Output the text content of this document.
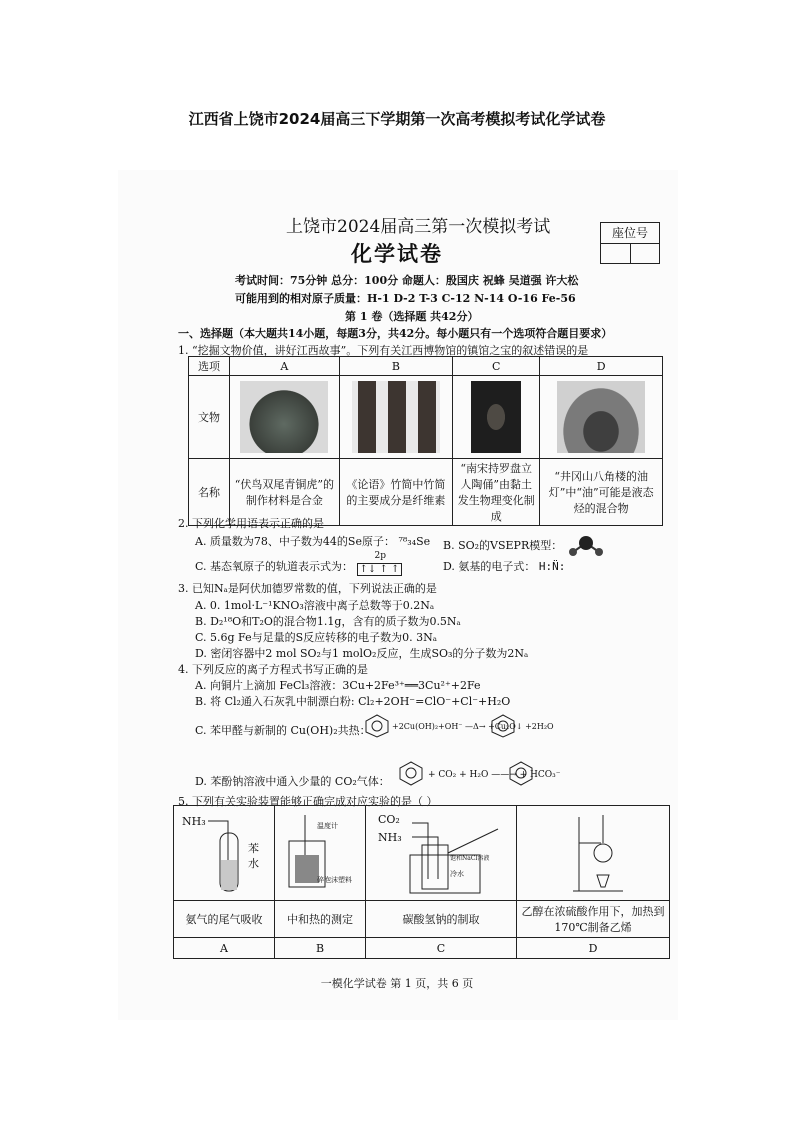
江西省上饶市2024届高三下学期第一次高考模拟考试化学试卷
上饶市2024届高三第一次模拟考试
化学试卷
座位号
考试时间：75分钟 总分：100分 命题人：殷国庆 祝蜂 吴道强 许大松
可能用到的相对原子质量：H-1 D-2 T-3 C-12 N-14 O-16 Fe-56
第 1 卷（选择题 共42分）
一、选择题（本大题共14小题，每题3分，共42分。每小题只有一个选项符合题目要求）
1. “挖掘文物价值，讲好江西故事”。下列有关江西博物馆的镇馆之宝的叙述错误的是
选项	A	B	C	D
文物	

名称	“伏鸟双尾青铜虎”的制作材料是合金	《论语》竹简中竹简的主要成分是纤维素	“南宋持罗盘立人陶俑”由黏土发生物理变化制成	“井冈山八角楼的油灯”中“油”可能是液态烃的混合物
2. 下列化学用语表示正确的是
A. 质量数为78、中子数为44的Se原子： ⁷⁸₃₄Se B. SO₂的VSEPR模型：
C. 基态氧原子的轨道表示式为：
2p
↑↓ ↑ ↑	D. 氨基的电子式： H:N̈:
3. 已知Nₐ是阿伏加德罗常数的值，下列说法正确的是
A. 0. 1mol·L⁻¹KNO₃溶液中离子总数等于0.2Nₐ
B. D₂¹⁸O和T₂O的混合物1.1g，含有的质子数为0.5Nₐ
C. 5.6g Fe与足量的S反应转移的电子数为0. 3Nₐ
D. 密闭容器中2 mol SO₂与1 molO₂反应，生成SO₃的分子数为2Nₐ
4. 下列反应的离子方程式书写正确的是
A. 向铜片上滴加 FeCl₃溶液：3Cu+2Fe³⁺══3Cu²⁺+2Fe
B. 将 Cl₂通入石灰乳中制漂白粉: Cl₂+2OH⁻=ClO⁻+Cl⁻+H₂O
C. 苯甲醛与新制的 Cu(OH)₂共热：	+2Cu(OH)₂+OH⁻ —Δ→ +Cu₂O↓ +2H₂O
D. 苯酚钠溶液中通入少量的 CO₂气体：	+ CO₂ + H₂O ——→ + HCO₃⁻
5. 下列有关实验装置能够正确完成对应实验的是（ ）
NH₃
苯
水	温度计
碎泡沫塑料	CO₂
NH₃
饱和NaCl溶液
冷水

氨气的尾气吸收	中和热的测定	碳酸氢钠的制取	乙醇在浓硫酸作用下，加热到170℃制备乙烯
A	B	C	D
一模化学试卷 第 1 页，共 6 页
